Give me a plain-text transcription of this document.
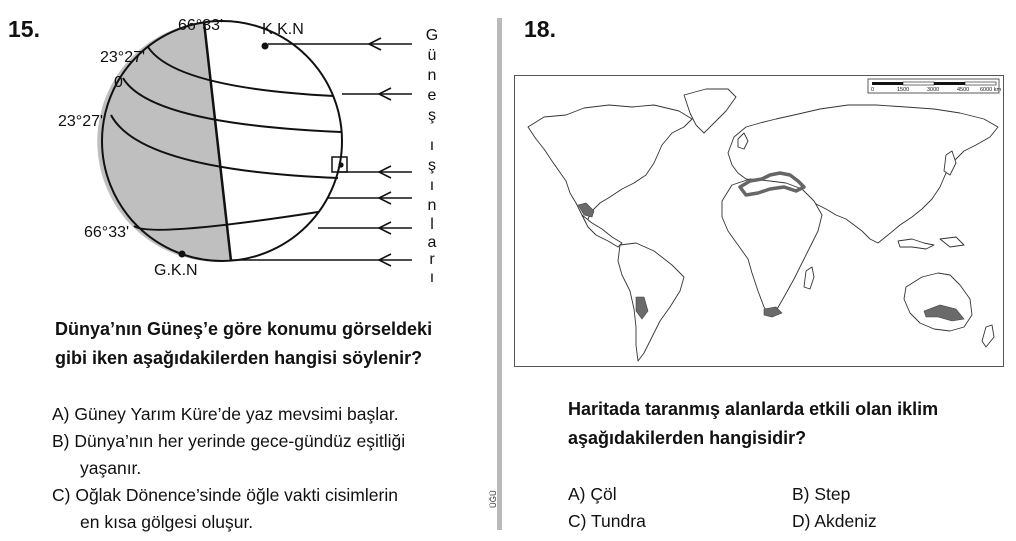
15.	66°33' K.K.N
23°27'
0
23°27'
66°33'
G.K.N
G
ü
n
e
ş
ı
ş
ı
n
l
a
r
ı
Dünya’nın Güneş’e göre konumu görseldeki
gibi iken aşağıdakilerden hangisi söylenir?
A) Güney Yarım Küre’de yaz mevsimi başlar.
B) Dünya’nın her yerinde gece-gündüz eşitliği
yaşanır.
C) Oğlak Dönence’sinde öğle vakti cisimlerin
en kısa gölgesi oluşur.
ÜĞÜ
18.
0	1500	3000	4500 6000 km
Haritada taranmış alanlarda etkili olan iklim
aşağıdakilerden hangisidir?
A) Çöl	B) Step
C) Tundra	D) Akdeniz
